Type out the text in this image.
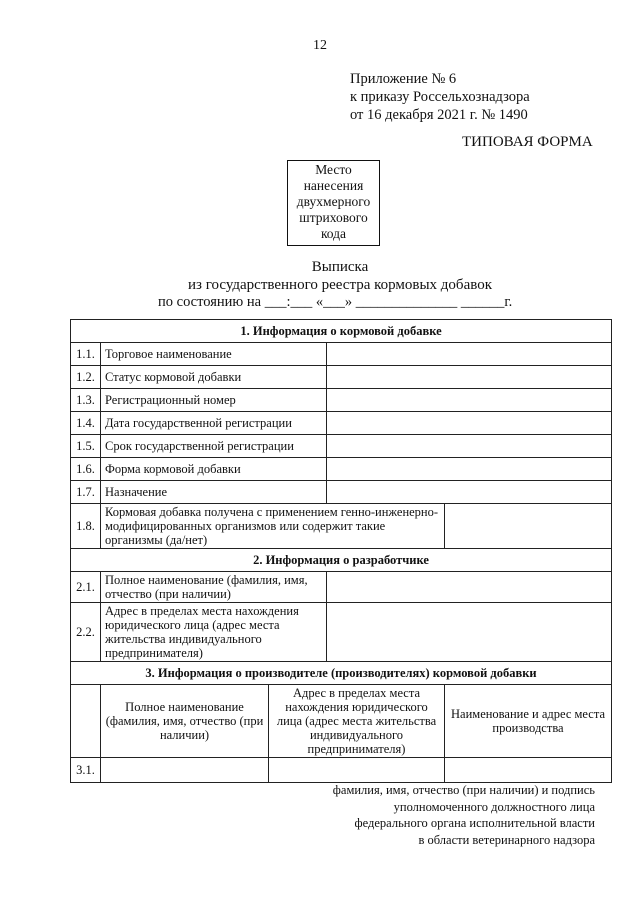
12
Приложение № 6
к приказу Россельхознадзора
от 16 декабря 2021 г. № 1490
ТИПОВАЯ ФОРМА
Место
нанесения
двухмерного
штрихового
кода
Выписка
из государственного реестра кормовых добавок
по состоянию на ___:___ «___» ______________ ______г.
1. Информация о кормовой добавке				
1.1.	Торговое наименование			
1.2.	Статус кормовой добавки			
1.3.	Регистрационный номер			
1.4.	Дата государственной регистрации			
1.5.	Срок государственной регистрации			
1.6.	Форма кормовой добавки			
1.7.	Назначение			
1.8.	Кормовая добавка получена с применением генно-инженерно-модифицированных организмов или содержит такие организмы (да/нет)			
2. Информация о разработчике				
2.1.	Полное наименование (фамилия, имя, отчество (при наличии)			
2.2.	Адрес в пределах места нахождения юридического лица (адрес места жительства индивидуального предпринимателя)			
3. Информация о производителе (производителях) кормовой добавки				
	Полное наименование (фамилия, имя, отчество (при наличии)	Адрес в пределах места нахождения юридического лица (адрес места жительства индивидуального предпринимателя)		Наименование и адрес места производства
3.1.				
фамилия, имя, отчество (при наличии) и подпись
уполномоченного должностного лица
федерального органа исполнительной власти
в области ветеринарного надзора
